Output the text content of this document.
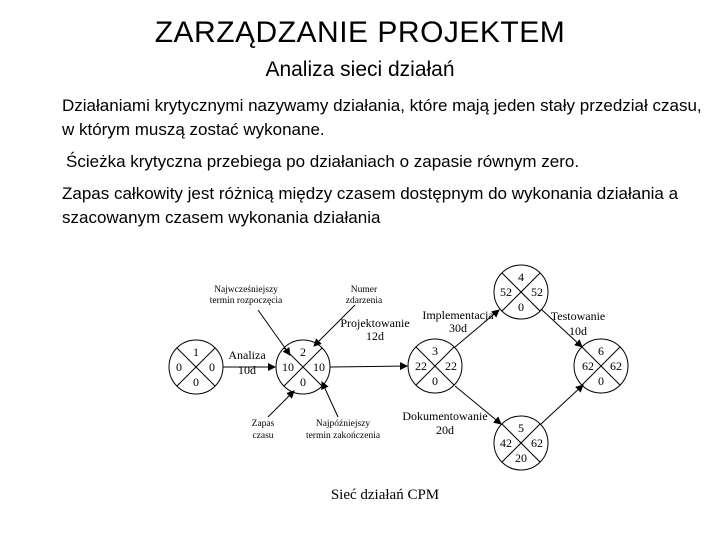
ZARZĄDZANIE PROJEKTEM
Analiza sieci działań
Działaniami krytycznymi nazywamy działania, które mają jeden stały przedział czasu, w którym muszą zostać wykonane.
Ścieżka krytyczna przebiega po działaniach o zapasie równym zero.
Zapas całkowity jest różnicą między czasem dostępnym do wykonania działania a szacowanym czasem wykonania działania
1
0 0
0
2
10 10
0
3
22 22
0
4
52 52
0
5
42 62
20
6
62 62
0
Analiza
10d
Projektowanie
12d
Implementacja
30d
Testowanie
10d
Dokumentowanie
20d
Najwcześniejszy
termin rozpoczęcia
Numer
zdarzenia
Zapas
czasu
Najpóźniejszy
termin zakończenia
Sieć działań CPM
